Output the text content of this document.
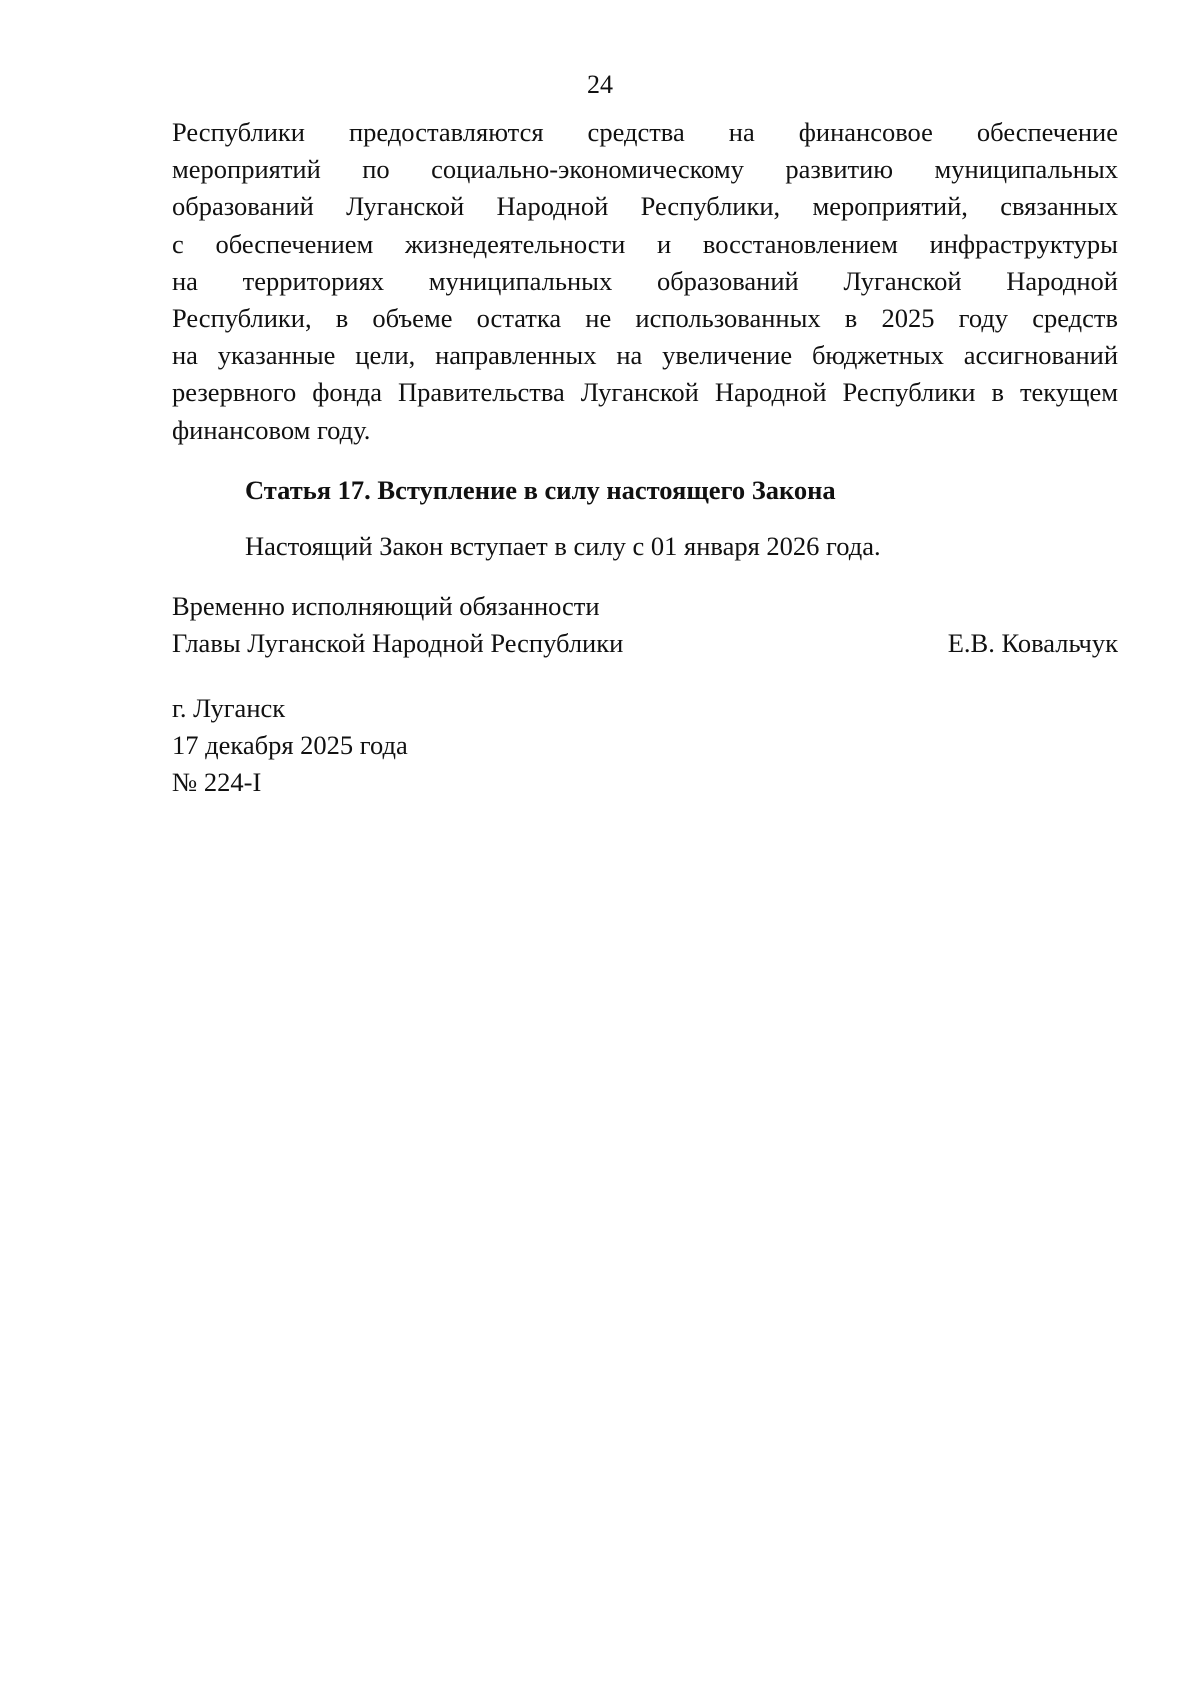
24

Республики предоставляются средства на финансовое обеспечение
мероприятий по социально-экономическому развитию муниципальных
образований Луганской Народной Республики, мероприятий, связанных
с обеспечением жизнедеятельности и восстановлением инфраструктуры
на территориях муниципальных образований Луганской Народной
Республики, в объеме остатка не использованных в 2025 году средств
на указанные цели, направленных на увеличение бюджетных ассигнований
резервного фонда Правительства Луганской Народной Республики в текущем
финансовом году.

Статья 17. Вступление в силу настоящего Закона

Настоящий Закон вступает в силу с 01 января 2026 года.

Временно исполняющий обязанности
Главы Луганской Народной Республики	Е.В. Ковальчук
г. Луганск
17 декабря 2025 года
№ 224-I
